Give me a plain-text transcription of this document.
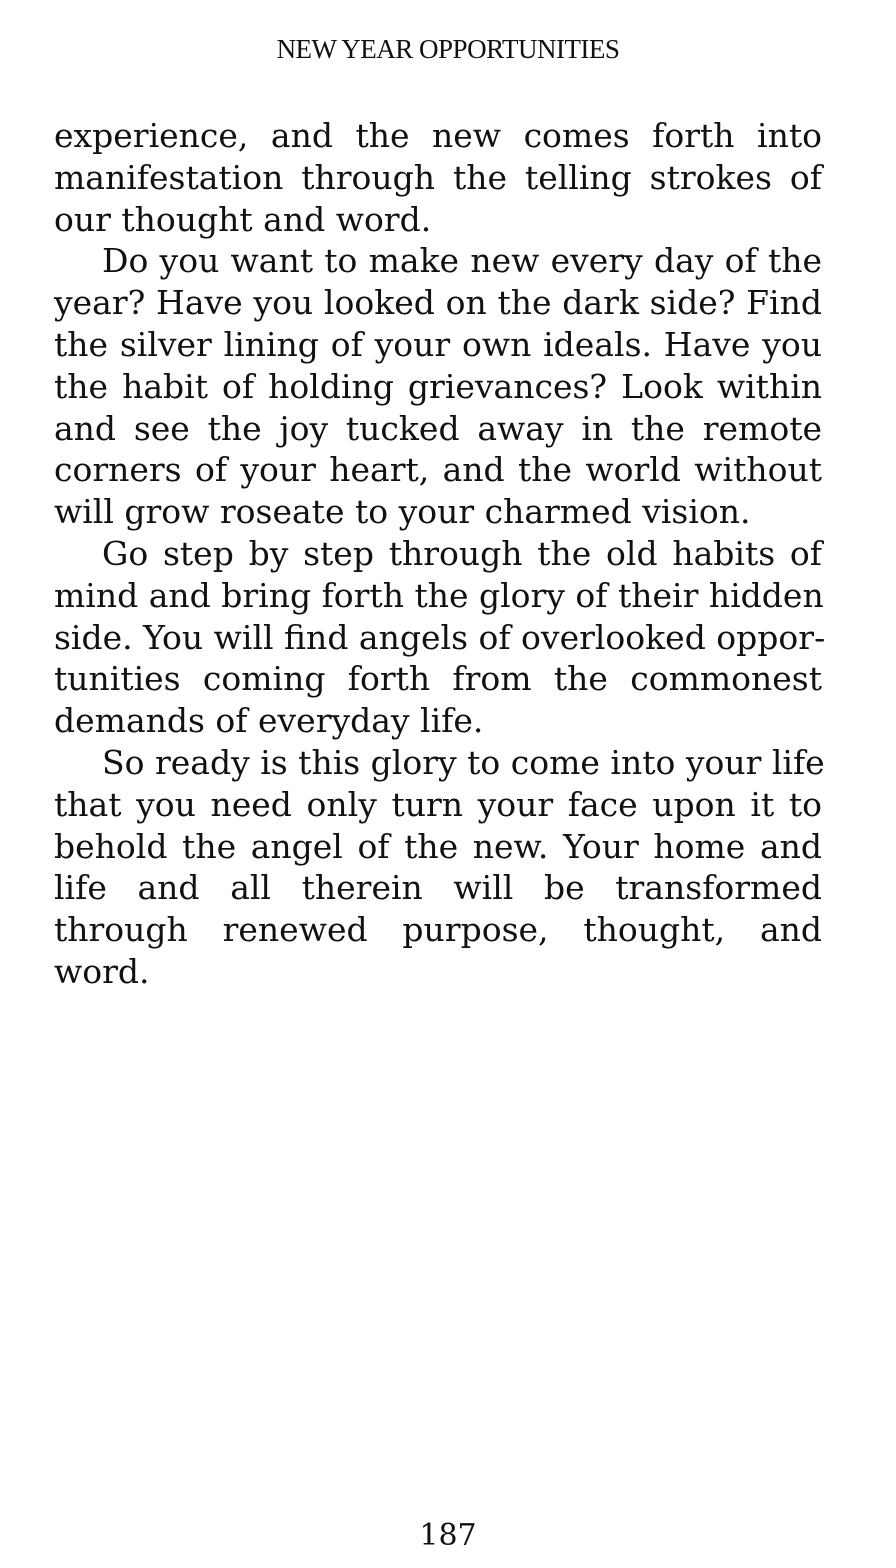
NEW YEAR OPPORTUNITIES
experience, and the new comes forth into
manifestation through the telling strokes of
our thought and word.
Do you want to make new every day of the
year? Have you looked on the dark side? Find
the silver lining of your own ideals. Have you
the habit of holding grievances? Look within
and see the joy tucked away in the remote
corners of your heart, and the world without
will grow roseate to your charmed vision.
Go step by step through the old habits of
mind and bring forth the glory of their hidden
side. You will find angels of overlooked oppor-
tunities coming forth from the commonest
demands of everyday life.
So ready is this glory to come into your life
that you need only turn your face upon it to
behold the angel of the new. Your home and
life and all therein will be transformed
through renewed purpose, thought, and
word.
187
